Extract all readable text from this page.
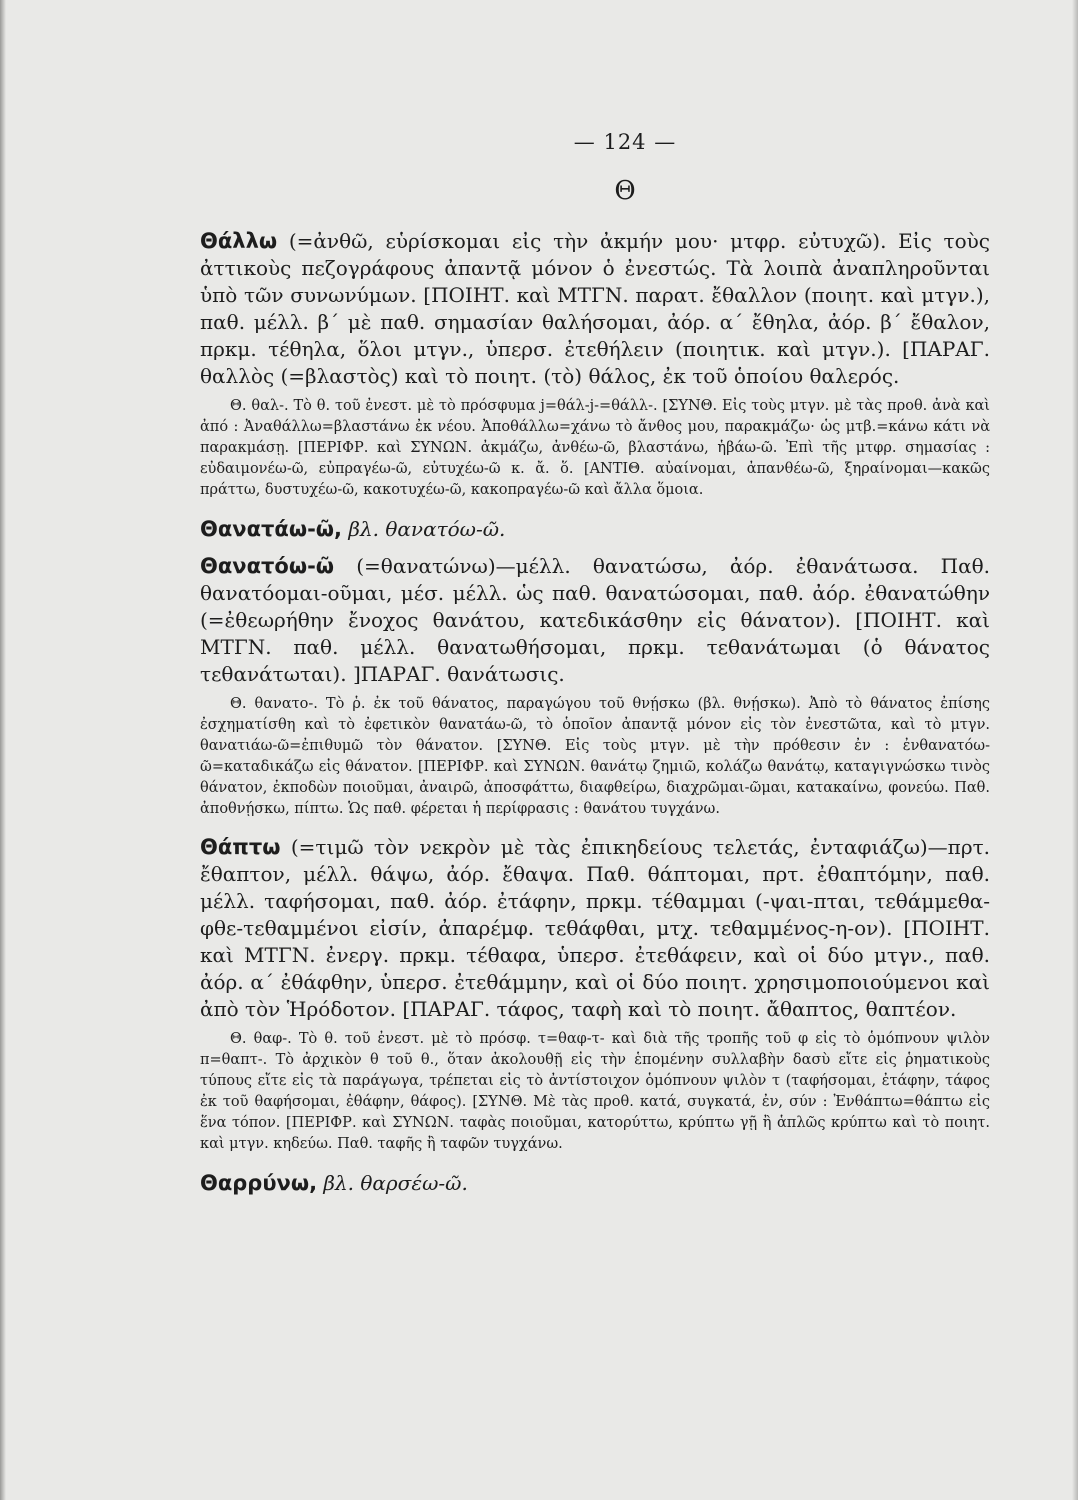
— 124 —
Θ
Θάλλω (=ἀνθῶ, εὑρίσκομαι εἰς τὴν ἀκμήν μου· μτφρ. εὐτυχῶ). Εἰς τοὺς ἀττικοὺς πεζογράφους ἀπαντᾷ μόνον ὁ ἐνεστώς. Τὰ λοιπὰ ἀναπληροῦνται ὑπὸ τῶν συνωνύμων. [ΠΟΙΗΤ. καὶ ΜΤΓΝ. παρατ. ἔθαλλον (ποιητ. καὶ μτγν.), παθ. μέλλ. β΄ μὲ παθ. σημασίαν θαλήσομαι, ἀόρ. α΄ ἔθηλα, ἀόρ. β΄ ἔθαλον, πρκμ. τέθηλα, ὅλοι μτγν., ὑπερσ. ἐτεθήλειν (ποιητικ. καὶ μτγν.). [ΠΑΡΑΓ. θαλλὸς (=βλαστὸς) καὶ τὸ ποιητ. (τὸ) θάλος, ἐκ τοῦ ὁποίου θαλερός.
Θ. θαλ-. Τὸ θ. τοῦ ἐνεστ. μὲ τὸ πρόσφυμα j=θάλ-j-=θάλλ-. [ΣΥΝΘ. Εἰς τοὺς μτγν. μὲ τὰς προθ. ἀνὰ καὶ ἀπό : Ἀναθάλλω=βλαστάνω ἐκ νέου. Ἀποθάλλω=χάνω τὸ ἄνθος μου, παρακμάζω· ὡς μτβ.=κάνω κάτι νὰ παρακμάσῃ. [ΠΕΡΙΦΡ. καὶ ΣΥΝΩΝ. ἀκμάζω, ἀνθέω-ῶ, βλαστάνω, ἡβάω-ῶ. Ἐπὶ τῆς μτφρ. σημασίας : εὐδαιμονέω-ῶ, εὐπραγέω-ῶ, εὐτυχέω-ῶ κ. ἄ. ὅ. [ΑΝΤΙΘ. αὐαίνομαι, ἀπανθέω-ῶ, ξηραίνομαι—κακῶς πράττω, δυστυχέω-ῶ, κακοτυχέω-ῶ, κακοπραγέω-ῶ καὶ ἄλλα ὅμοια.
Θανατάω-ῶ, βλ. θανατόω-ῶ.
Θανατόω-ῶ (=θανατώνω)—μέλλ. θανατώσω, ἀόρ. ἐθανάτωσα. Παθ. θανατόομαι-οῦμαι, μέσ. μέλλ. ὡς παθ. θανατώσομαι, παθ. ἀόρ. ἐθανατώθην (=ἐθεωρήθην ἔνοχος θανάτου, κατεδικάσθην εἰς θάνατον). [ΠΟΙΗΤ. καὶ ΜΤΓΝ. παθ. μέλλ. θανατωθήσομαι, πρκμ. τεθανάτωμαι (ὁ θάνατος τεθανάτωται). ]ΠΑΡΑΓ. θανάτωσις.
Θ. θανατο-. Τὸ ῥ. ἐκ τοῦ θάνατος, παραγώγου τοῦ θνῄσκω (βλ. θνῄσκω). Ἀπὸ τὸ θάνατος ἐπίσης ἐσχηματίσθη καὶ τὸ ἐφετικὸν θανατάω-ῶ, τὸ ὁποῖον ἀπαντᾷ μόνον εἰς τὸν ἐνεστῶτα, καὶ τὸ μτγν. θανατιάω-ῶ=ἐπιθυμῶ τὸν θάνατον. [ΣΥΝΘ. Εἰς τοὺς μτγν. μὲ τὴν πρόθεσιν ἐν : ἐνθανατόω-ῶ=καταδικάζω εἰς θάνατον. [ΠΕΡΙΦΡ. καὶ ΣΥΝΩΝ. θανάτῳ ζημιῶ, κολάζω θανάτῳ, καταγιγνώσκω τινὸς θάνατον, ἐκποδὼν ποιοῦμαι, ἀναιρῶ, ἀποσφάττω, διαφθείρω, διαχρῶμαι-ῶμαι, κατακαίνω, φονεύω. Παθ. ἀποθνῄσκω, πίπτω. Ὡς παθ. φέρεται ἡ περίφρασις : θανάτου τυγχάνω.
Θάπτω (=τιμῶ τὸν νεκρὸν μὲ τὰς ἐπικηδείους τελετάς, ἐνταφιάζω)—πρτ. ἔθαπτον, μέλλ. θάψω, ἀόρ. ἔθαψα. Παθ. θάπτομαι, πρτ. ἐθαπτόμην, παθ. μέλλ. ταφήσομαι, παθ. ἀόρ. ἐτάφην, πρκμ. τέθαμμαι (-ψαι-πται, τεθάμμεθα-φθε-τεθαμμένοι εἰσίν, ἀπαρέμφ. τεθάφθαι, μτχ. τεθαμμένος-η-ον). [ΠΟΙΗΤ. καὶ ΜΤΓΝ. ἐνεργ. πρκμ. τέθαφα, ὑπερσ. ἐτεθάφειν, καὶ οἱ δύο μτγν., παθ. ἀόρ. α΄ ἐθάφθην, ὑπερσ. ἐτεθάμμην, καὶ οἱ δύο ποιητ. χρησιμοποιούμενοι καὶ ἀπὸ τὸν Ἡρόδοτον. [ΠΑΡΑΓ. τάφος, ταφὴ καὶ τὸ ποιητ. ἄθαπτος, θαπτέον.
Θ. θαφ-. Τὸ θ. τοῦ ἐνεστ. μὲ τὸ πρόσφ. τ=θαφ-τ- καὶ διὰ τῆς τροπῆς τοῦ φ εἰς τὸ ὁμόπνουν ψιλὸν π=θαπτ-. Τὸ ἀρχικὸν θ τοῦ θ., ὅταν ἀκολουθῇ εἰς τὴν ἑπομένην συλλαβὴν δασὺ εἴτε εἰς ῥηματικοὺς τύπους εἴτε εἰς τὰ παράγωγα, τρέπεται εἰς τὸ ἀντίστοιχον ὁμόπνουν ψιλὸν τ (ταφήσομαι, ἐτάφην, τάφος ἐκ τοῦ θαφήσομαι, ἐθάφην, θάφος). [ΣΥΝΘ. Μὲ τὰς προθ. κατά, συγκατά, ἐν, σύν : Ἐνθάπτω=θάπτω εἰς ἕνα τόπον. [ΠΕΡΙΦΡ. καὶ ΣΥΝΩΝ. ταφὰς ποιοῦμαι, κατορύττω, κρύπτω γῇ ἢ ἁπλῶς κρύπτω καὶ τὸ ποιητ. καὶ μτγν. κηδεύω. Παθ. ταφῆς ἢ ταφῶν τυγχάνω.
Θαρρύνω, βλ. θαρσέω-ῶ.
